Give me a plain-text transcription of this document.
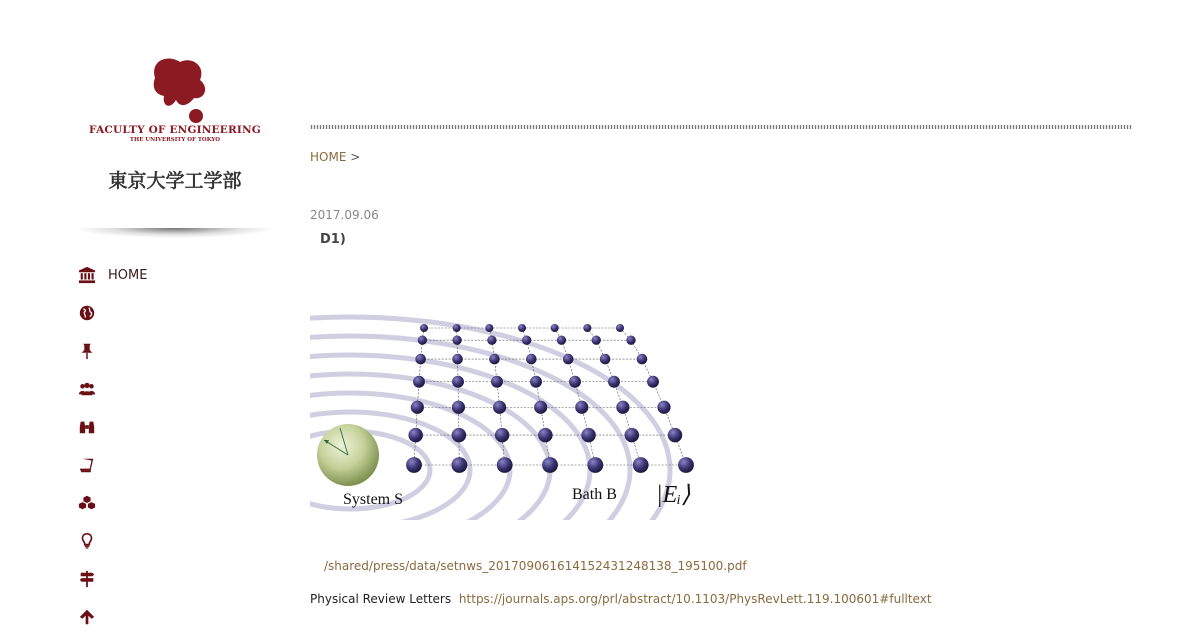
FACULTY OF ENGINEERING
THE UNIVERSITY OF TOKYO
東京大学工学部
HOME
HOME >
2017.09.06
D1)
System S	Bath B |Eᵢ⟩
/shared/press/data/setnws_201709061614152431248138_195100.pdf
Physical Review Letters https://journals.aps.org/prl/abstract/10.1103/PhysRevLett.119.100601#fulltext
